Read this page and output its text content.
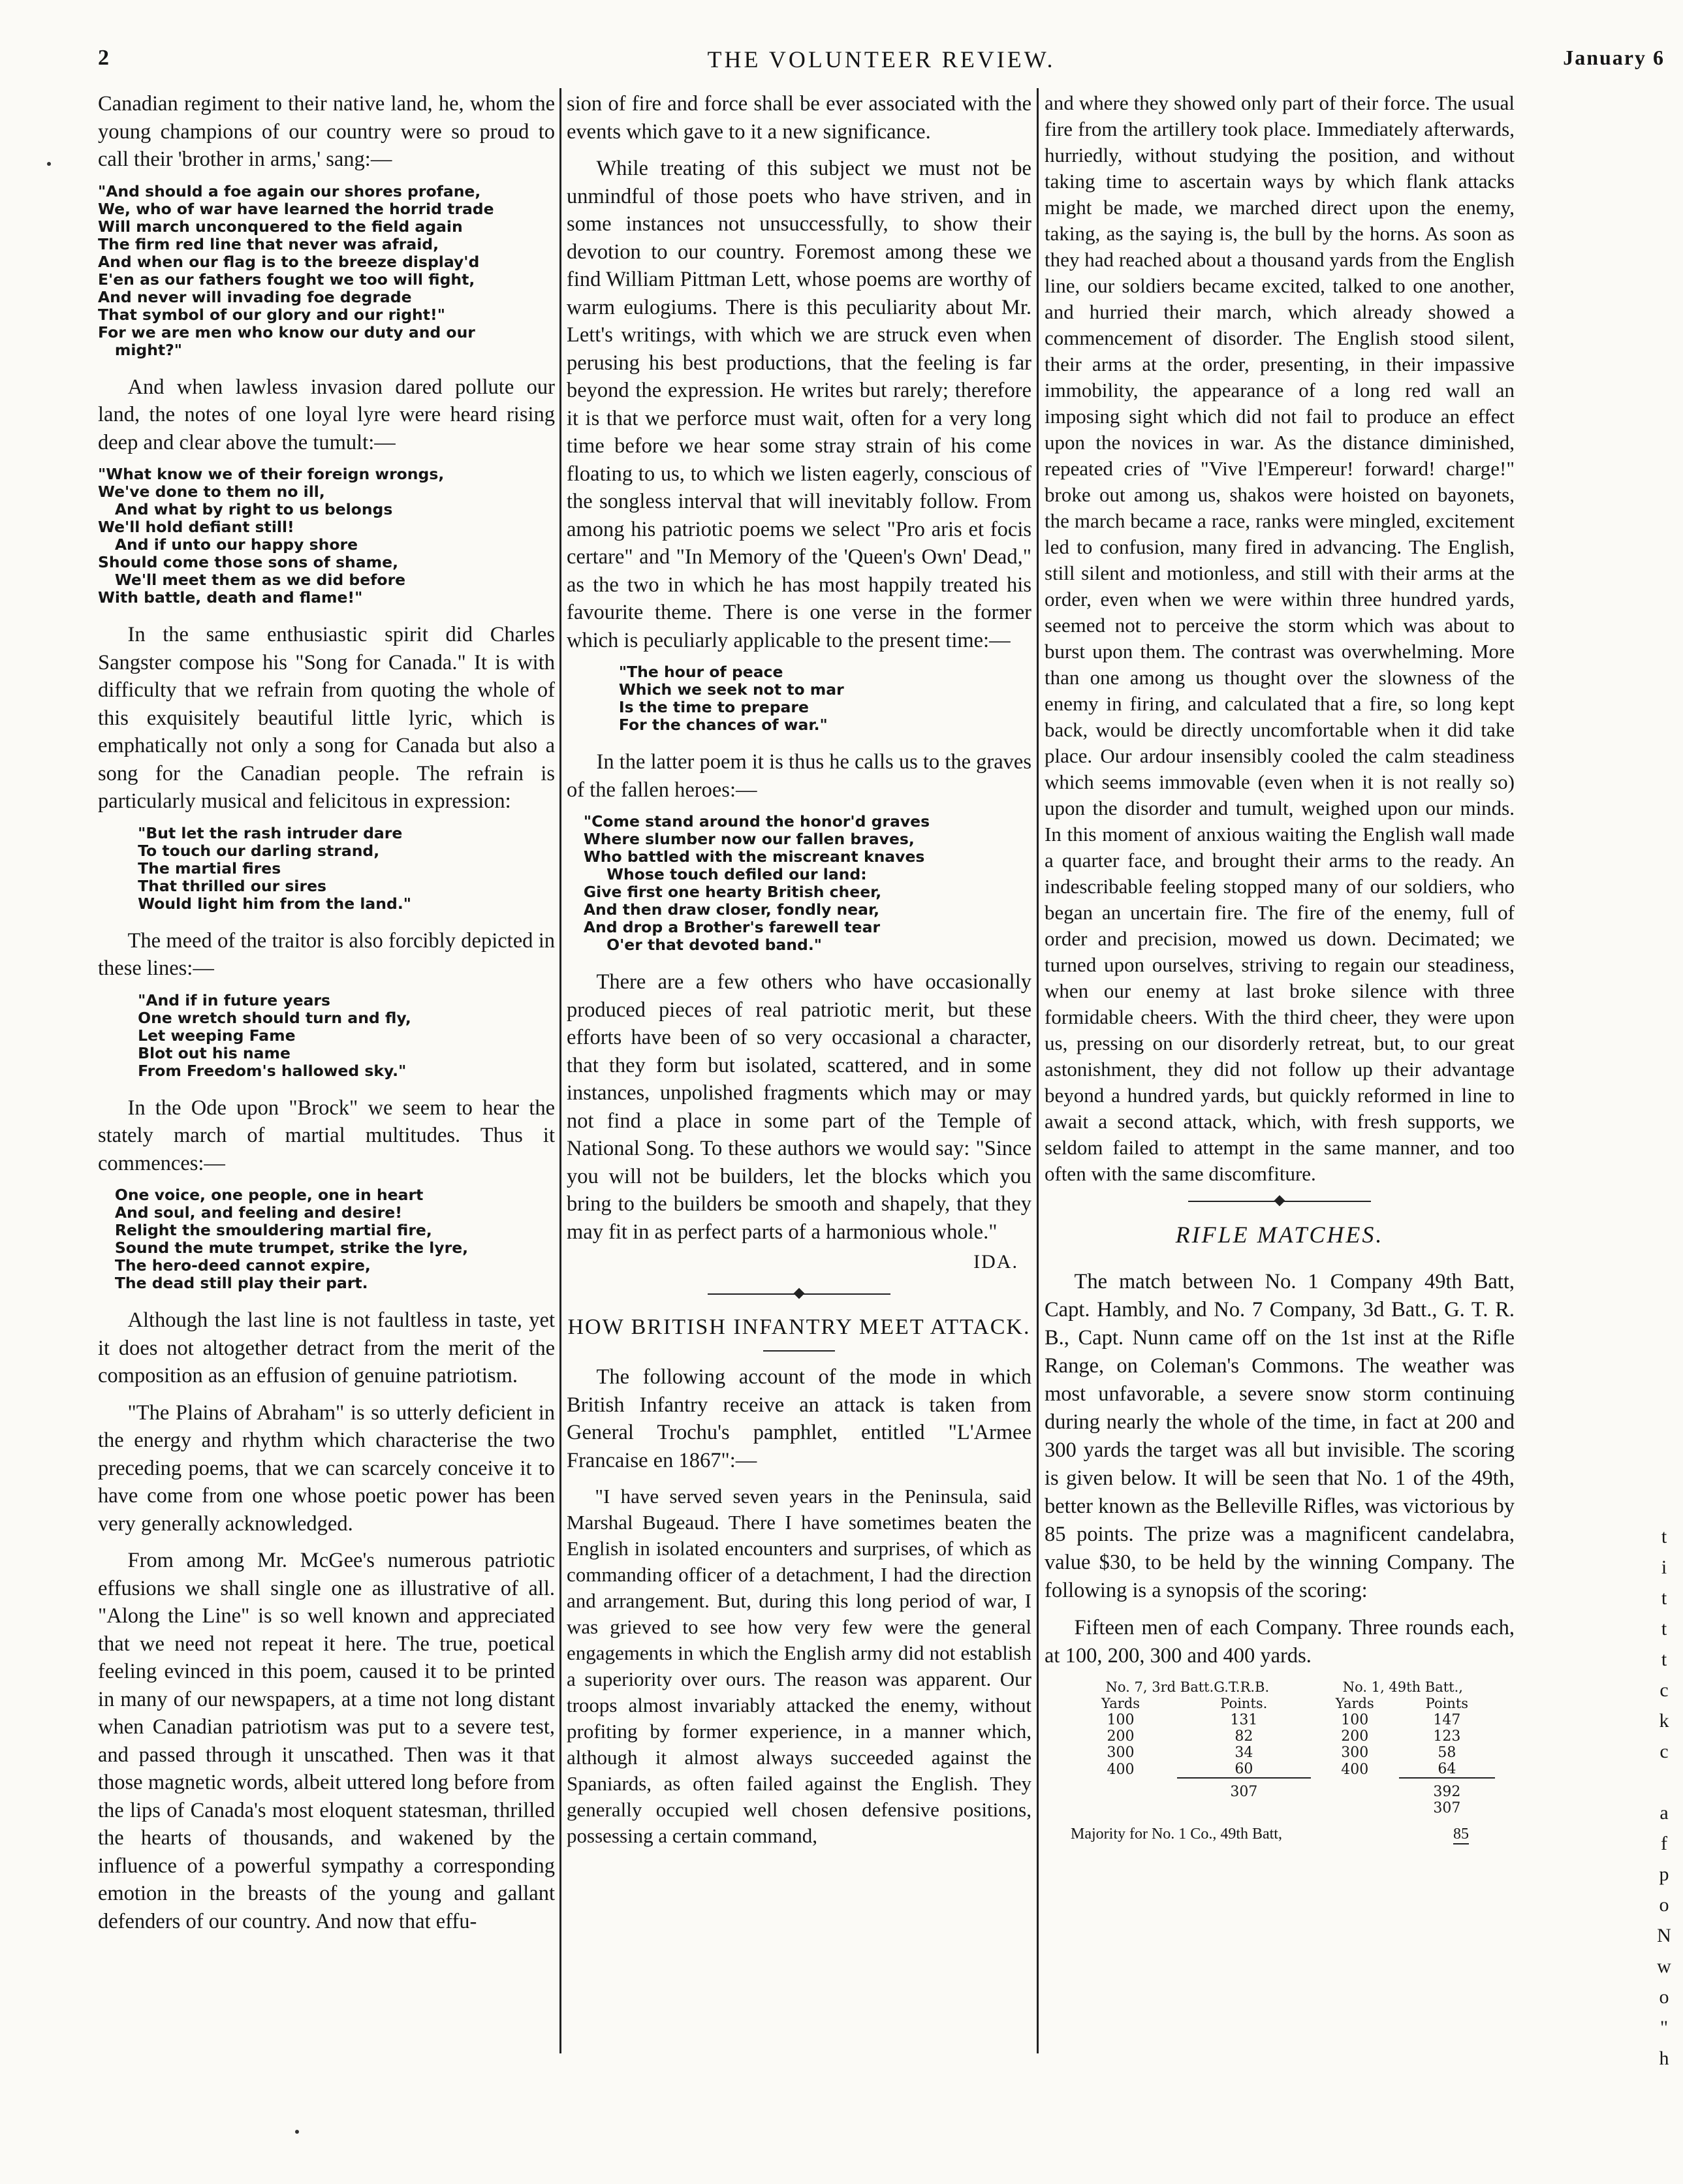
2	THE VOLUNTEER REVIEW.	January 6

Canadian regiment to their native land, he, whom the young champions of our country were so proud to call their 'brother in arms,' sang:—

"And should a foe again our shores profane,
We, who of war have learned the horrid trade
Will march unconquered to the field again
The firm red line that never was afraid,
And when our flag is to the breeze display'd
E'en as our fathers fought we too will fight,
And never will invading foe degrade
That symbol of our glory and our right!"
For we are men who know our duty and our
might?"

And when lawless invasion dared pollute our land, the notes of one loyal lyre were heard rising deep and clear above the tumult:—

"What know we of their foreign wrongs,
We've done to them no ill,
And what by right to us belongs
We'll hold defiant still!
And if unto our happy shore
Should come those sons of shame,
We'll meet them as we did before
With battle, death and flame!"

In the same enthusiastic spirit did Charles Sangster compose his "Song for Canada." It is with difficulty that we refrain from quoting the whole of this exquisitely beautiful little lyric, which is emphatically not only a song for Canada but also a song for the Canadian people. The refrain is particularly musical and felicitous in expression:

"But let the rash intruder dare
To touch our darling strand,
The martial fires
That thrilled our sires
Would light him from the land."

The meed of the traitor is also forcibly depicted in these lines:—

"And if in future years
One wretch should turn and fly,
Let weeping Fame
Blot out his name
From Freedom's hallowed sky."

In the Ode upon "Brock" we seem to hear the stately march of martial multitudes. Thus it commences:—

One voice, one people, one in heart
And soul, and feeling and desire!
Relight the smouldering martial fire,
Sound the mute trumpet, strike the lyre,
The hero-deed cannot expire,
The dead still play their part.

Although the last line is not faultless in taste, yet it does not altogether detract from the merit of the composition as an effusion of genuine patriotism.

"The Plains of Abraham" is so utterly deficient in the energy and rhythm which characterise the two preceding poems, that we can scarcely conceive it to have come from one whose poetic power has been very generally acknowledged.

From among Mr. McGee's numerous patriotic effusions we shall single one as illustrative of all. "Along the Line" is so well known and appreciated that we need not repeat it here. The true, poetical feeling evinced in this poem, caused it to be printed in many of our newspapers, at a time not long distant when Canadian patriotism was put to a severe test, and passed through it unscathed. Then was it that those magnetic words, albeit uttered long before from the lips of Canada's most eloquent statesman, thrilled the hearts of thousands, and wakened by the influence of a powerful sympathy a corresponding emotion in the breasts of the young and gallant defenders of our country. And now that effu-

sion of fire and force shall be ever associated with the events which gave to it a new significance.

While treating of this subject we must not be unmindful of those poets who have striven, and in some instances not unsuccessfully, to show their devotion to our country. Foremost among these we find William Pittman Lett, whose poems are worthy of warm eulogiums. There is this peculiarity about Mr. Lett's writings, with which we are struck even when perusing his best productions, that the feeling is far beyond the expression. He writes but rarely; therefore it is that we perforce must wait, often for a very long time before we hear some stray strain of his come floating to us, to which we listen eagerly, conscious of the songless interval that will inevitably follow. From among his patriotic poems we select "Pro aris et focis certare" and "In Memory of the 'Queen's Own' Dead," as the two in which he has most happily treated his favourite theme. There is one verse in the former which is peculiarly applicable to the present time:—

"The hour of peace
Which we seek not to mar
Is the time to prepare
For the chances of war."

In the latter poem it is thus he calls us to the graves of the fallen heroes:—

"Come stand around the honor'd graves
Where slumber now our fallen braves,
Who battled with the miscreant knaves
Whose touch defiled our land:
Give first one hearty British cheer,
And then draw closer, fondly near,
And drop a Brother's farewell tear
O'er that devoted band."

There are a few others who have occasionally produced pieces of real patriotic merit, but these efforts have been of so very occasional a character, that they form but isolated, scattered, and in some instances, unpolished fragments which may or may not find a place in some part of the Temple of National Song. To these authors we would say: "Since you will not be builders, let the blocks which you bring to the builders be smooth and shapely, that they may fit in as perfect parts of a harmonious whole."

IDA.
HOW BRITISH INFANTRY MEET ATTACK.

The following account of the mode in which British Infantry receive an attack is taken from General Trochu's pamphlet, entitled "L'Armee Francaise en 1867":—

"I have served seven years in the Peninsula, said Marshal Bugeaud. There I have sometimes beaten the English in isolated encounters and surprises, of which as commanding officer of a detachment, I had the direction and arrangement. But, during this long period of war, I was grieved to see how very few were the general engagements in which the English army did not establish a superiority over ours. The reason was apparent. Our troops almost invariably attacked the enemy, without profiting by former experience, in a manner which, although it almost always succeeded against the Spaniards, as often failed against the English. They generally occupied well chosen defensive positions, possessing a certain command,

and where they showed only part of their force. The usual fire from the artillery took place. Immediately afterwards, hurriedly, without studying the position, and without taking time to ascertain ways by which flank attacks might be made, we marched direct upon the enemy, taking, as the saying is, the bull by the horns. As soon as they had reached about a thousand yards from the English line, our soldiers became excited, talked to one another, and hurried their march, which already showed a commencement of disorder. The English stood silent, their arms at the order, presenting, in their impassive immobility, the appearance of a long red wall an imposing sight which did not fail to produce an effect upon the novices in war. As the distance diminished, repeated cries of "Vive l'Empereur! forward! charge!" broke out among us, shakos were hoisted on bayonets, the march became a race, ranks were mingled, excitement led to confusion, many fired in advancing. The English, still silent and motionless, and still with their arms at the order, even when we were within three hundred yards, seemed not to perceive the storm which was about to burst upon them. The contrast was overwhelming. More than one among us thought over the slowness of the enemy in firing, and calculated that a fire, so long kept back, would be directly uncomfortable when it did take place. Our ardour insensibly cooled the calm steadiness which seems immovable (even when it is not really so) upon the disorder and tumult, weighed upon our minds. In this moment of anxious waiting the English wall made a quarter face, and brought their arms to the ready. An indescribable feeling stopped many of our soldiers, who began an uncertain fire. The fire of the enemy, full of order and precision, mowed us down. Decimated; we turned upon ourselves, striving to regain our steadiness, when our enemy at last broke silence with three formidable cheers. With the third cheer, they were upon us, pressing on our disorderly retreat, but, to our great astonishment, they did not follow up their advantage beyond a hundred yards, but quickly reformed in line to await a second attack, which, with fresh supports, we seldom failed to attempt in the same manner, and too often with the same discomfiture.

RIFLE MATCHES.

The match between No. 1 Company 49th Batt, Capt. Hambly, and No. 7 Company, 3d Batt., G. T. R. B., Capt. Nunn came off on the 1st inst at the Rifle Range, on Coleman's Commons. The weather was most unfavorable, a severe snow storm continuing during nearly the whole of the time, in fact at 200 and 300 yards the target was all but invisible. The scoring is given below. It will be seen that No. 1 of the 49th, better known as the Belleville Rifles, was victorious by 85 points. The prize was a magnificent candelabra, value $30, to be held by the winning Company. The following is a synopsis of the scoring:

Fifteen men of each Company. Three rounds each, at 100, 200, 300 and 400 yards.

No. 7, 3rd Batt.G.T.R.B.		No. 1, 49th Batt.,	
Yards	Points.	Yards	Points
100	131	100	147
200	82	200	123
300	34	300	58
400	60	400	64
	307		392
			307
Majority for No. 1 Co., 49th Batt,	85
t
i
t
t
t
c
k
c

a
f
p
o
N
w
o
"
h
